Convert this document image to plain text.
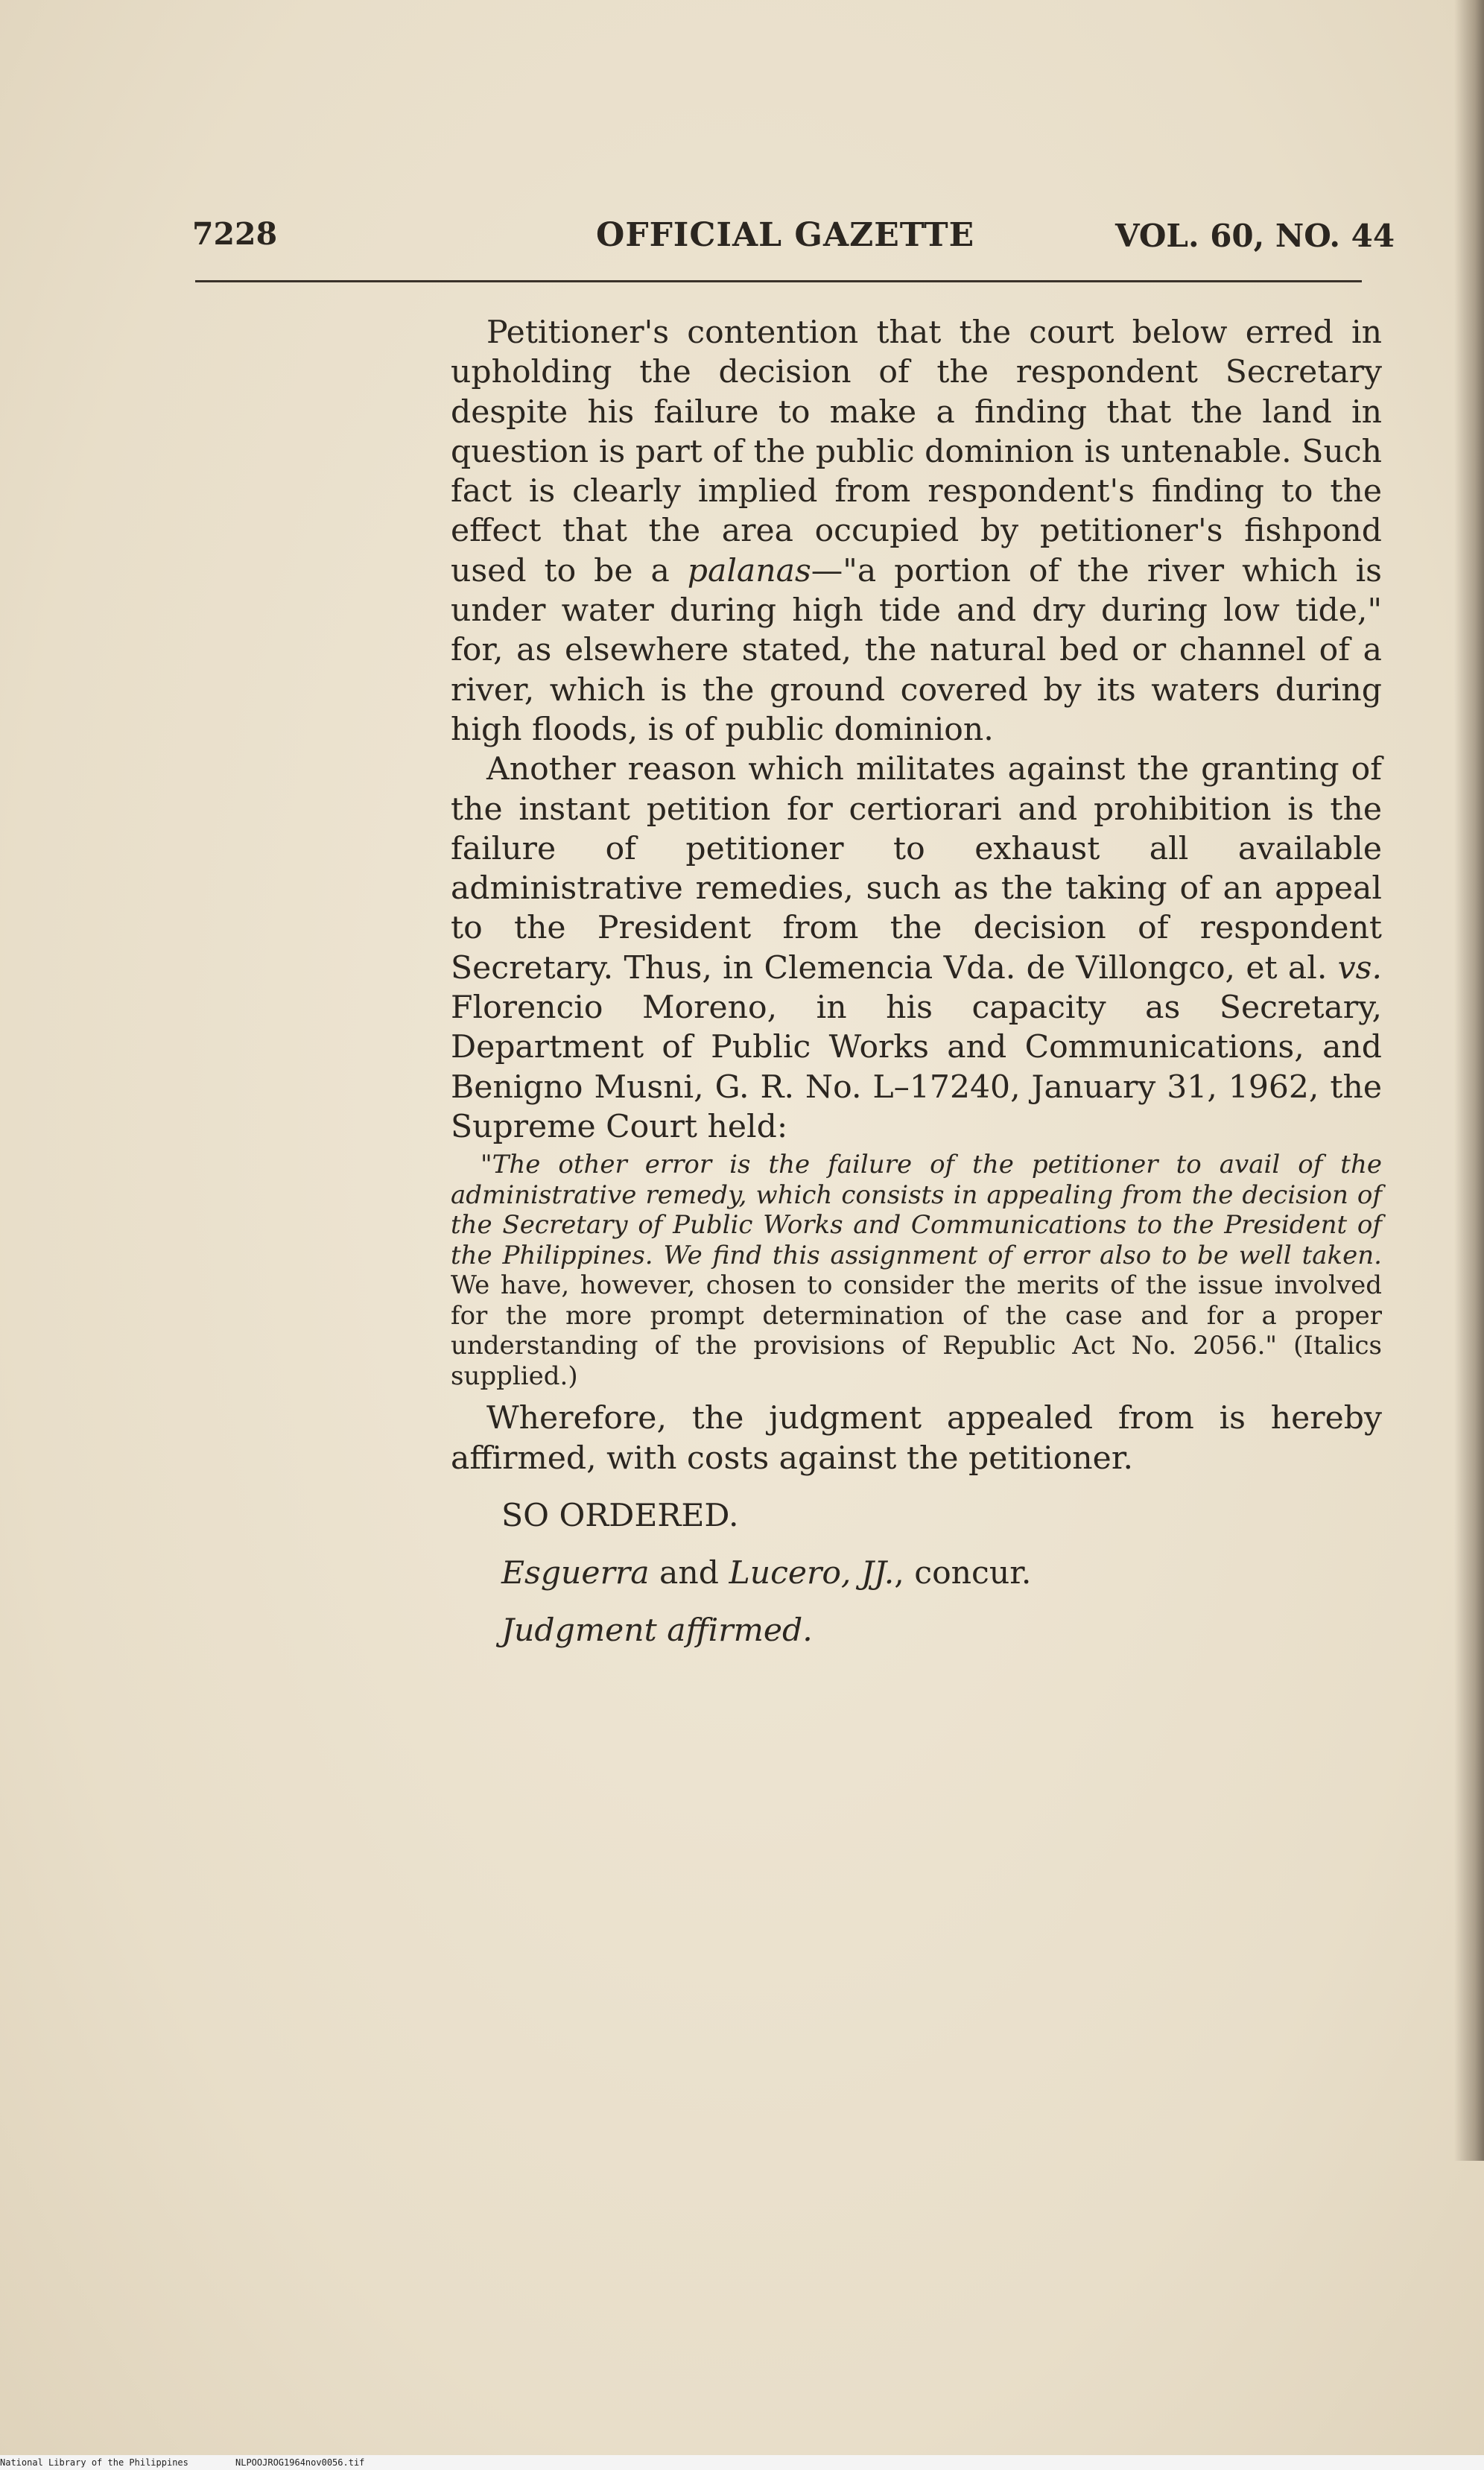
7228	OFFICIAL GAZETTE	VOL. 60, NO. 44

Petitioner's contention that the court below erred in upholding the decision of the respondent Secretary despite his failure to make a finding that the land in question is part of the public dominion is untenable. Such fact is clearly implied from respondent's finding to the effect that the area occupied by petitioner's fishpond used to be a palanas—"a portion of the river which is under water during high tide and dry during low tide," for, as elsewhere stated, the natural bed or channel of a river, which is the ground covered by its waters during high floods, is of public dominion.

Another reason which militates against the granting of the instant petition for certiorari and prohibition is the failure of petitioner to exhaust all available administrative remedies, such as the taking of an appeal to the President from the decision of respondent Secretary. Thus, in Clemencia Vda. de Villongco, et al. vs. Florencio Moreno, in his capacity as Secretary, Department of Public Works and Communications, and Benigno Musni, G. R. No. L–17240, January 31, 1962, the Supreme Court held:

"The other error is the failure of the petitioner to avail of the administrative remedy, which consists in appealing from the decision of the Secretary of Public Works and Communications to the President of the Philippines. We find this assignment of error also to be well taken. We have, however, chosen to consider the merits of the issue involved for the more prompt determination of the case and for a proper understanding of the provisions of Republic Act No. 2056." (Italics supplied.)

Wherefore, the judgment appealed from is hereby affirmed, with costs against the petitioner.

SO ORDERED.

Esguerra and Lucero, JJ., concur.

Judgment affirmed.

National Library of the Philippines	NLPOOJROG1964nov0056.tif
